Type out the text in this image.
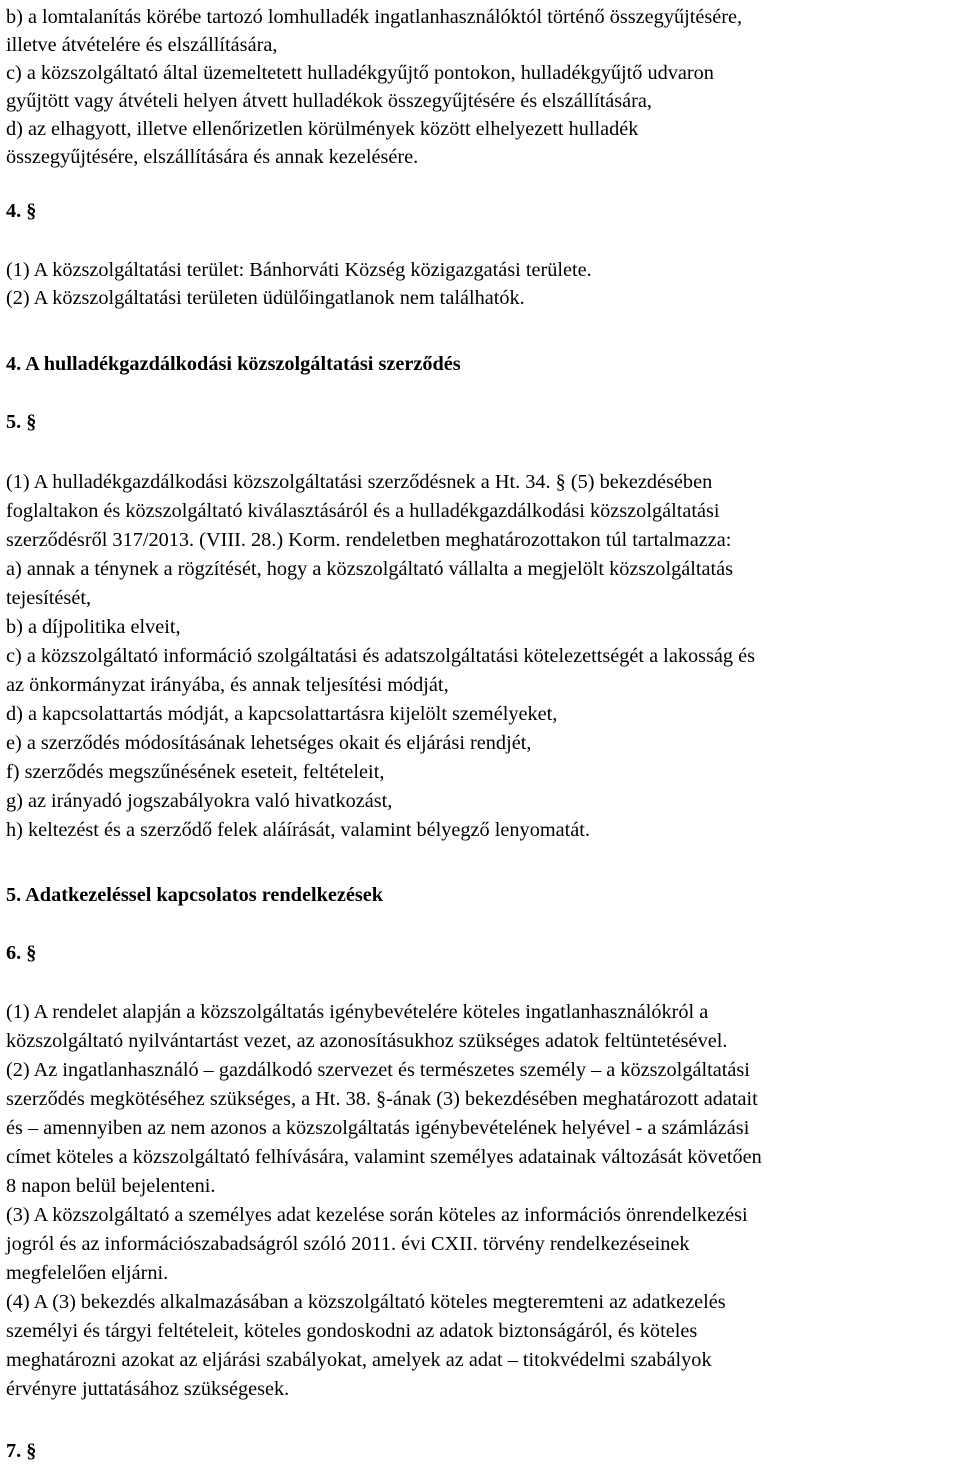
b) a lomtalanítás körébe tartozó lomhulladék ingatlanhasználóktól történő összegyűjtésére,
illetve átvételére és elszállítására,
c) a közszolgáltató által üzemeltetett hulladékgyűjtő pontokon, hulladékgyűjtő udvaron
gyűjtött vagy átvételi helyen átvett hulladékok összegyűjtésére és elszállítására,
d) az elhagyott, illetve ellenőrizetlen körülmények között elhelyezett hulladék
összegyűjtésére, elszállítására és annak kezelésére.
4. §
(1) A közszolgáltatási terület: Bánhorváti Község közigazgatási területe.
(2) A közszolgáltatási területen üdülőingatlanok nem találhatók.
4. A hulladékgazdálkodási közszolgáltatási szerződés
5. §
(1) A hulladékgazdálkodási közszolgáltatási szerződésnek a Ht. 34. § (5) bekezdésében
foglaltakon és közszolgáltató kiválasztásáról és a hulladékgazdálkodási közszolgáltatási
szerződésről 317/2013. (VIII. 28.) Korm. rendeletben meghatározottakon túl tartalmazza:
a) annak a ténynek a rögzítését, hogy a közszolgáltató vállalta a megjelölt közszolgáltatás
tejesítését,
b) a díjpolitika elveit,
c) a közszolgáltató információ szolgáltatási és adatszolgáltatási kötelezettségét a lakosság és
az önkormányzat irányába, és annak teljesítési módját,
d) a kapcsolattartás módját, a kapcsolattartásra kijelölt személyeket,
e) a szerződés módosításának lehetséges okait és eljárási rendjét,
f) szerződés megszűnésének eseteit, feltételeit,
g) az irányadó jogszabályokra való hivatkozást,
h) keltezést és a szerződő felek aláírását, valamint bélyegző lenyomatát.
5. Adatkezeléssel kapcsolatos rendelkezések
6. §
(1) A rendelet alapján a közszolgáltatás igénybevételére köteles ingatlanhasználókról a
közszolgáltató nyilvántartást vezet, az azonosításukhoz szükséges adatok feltüntetésével.
(2) Az ingatlanhasználó – gazdálkodó szervezet és természetes személy – a közszolgáltatási
szerződés megkötéséhez szükséges, a Ht. 38. §-ának (3) bekezdésében meghatározott adatait
és – amennyiben az nem azonos a közszolgáltatás igénybevételének helyével - a számlázási
címet köteles a közszolgáltató felhívására, valamint személyes adatainak változását követően
8 napon belül bejelenteni.
(3) A közszolgáltató a személyes adat kezelése során köteles az információs önrendelkezési
jogról és az információszabadságról szóló 2011. évi CXII. törvény rendelkezéseinek
megfelelően eljárni.
(4) A (3) bekezdés alkalmazásában a közszolgáltató köteles megteremteni az adatkezelés
személyi és tárgyi feltételeit, köteles gondoskodni az adatok biztonságáról, és köteles
meghatározni azokat az eljárási szabályokat, amelyek az adat – titokvédelmi szabályok
érvényre juttatásához szükségesek.
7. §
